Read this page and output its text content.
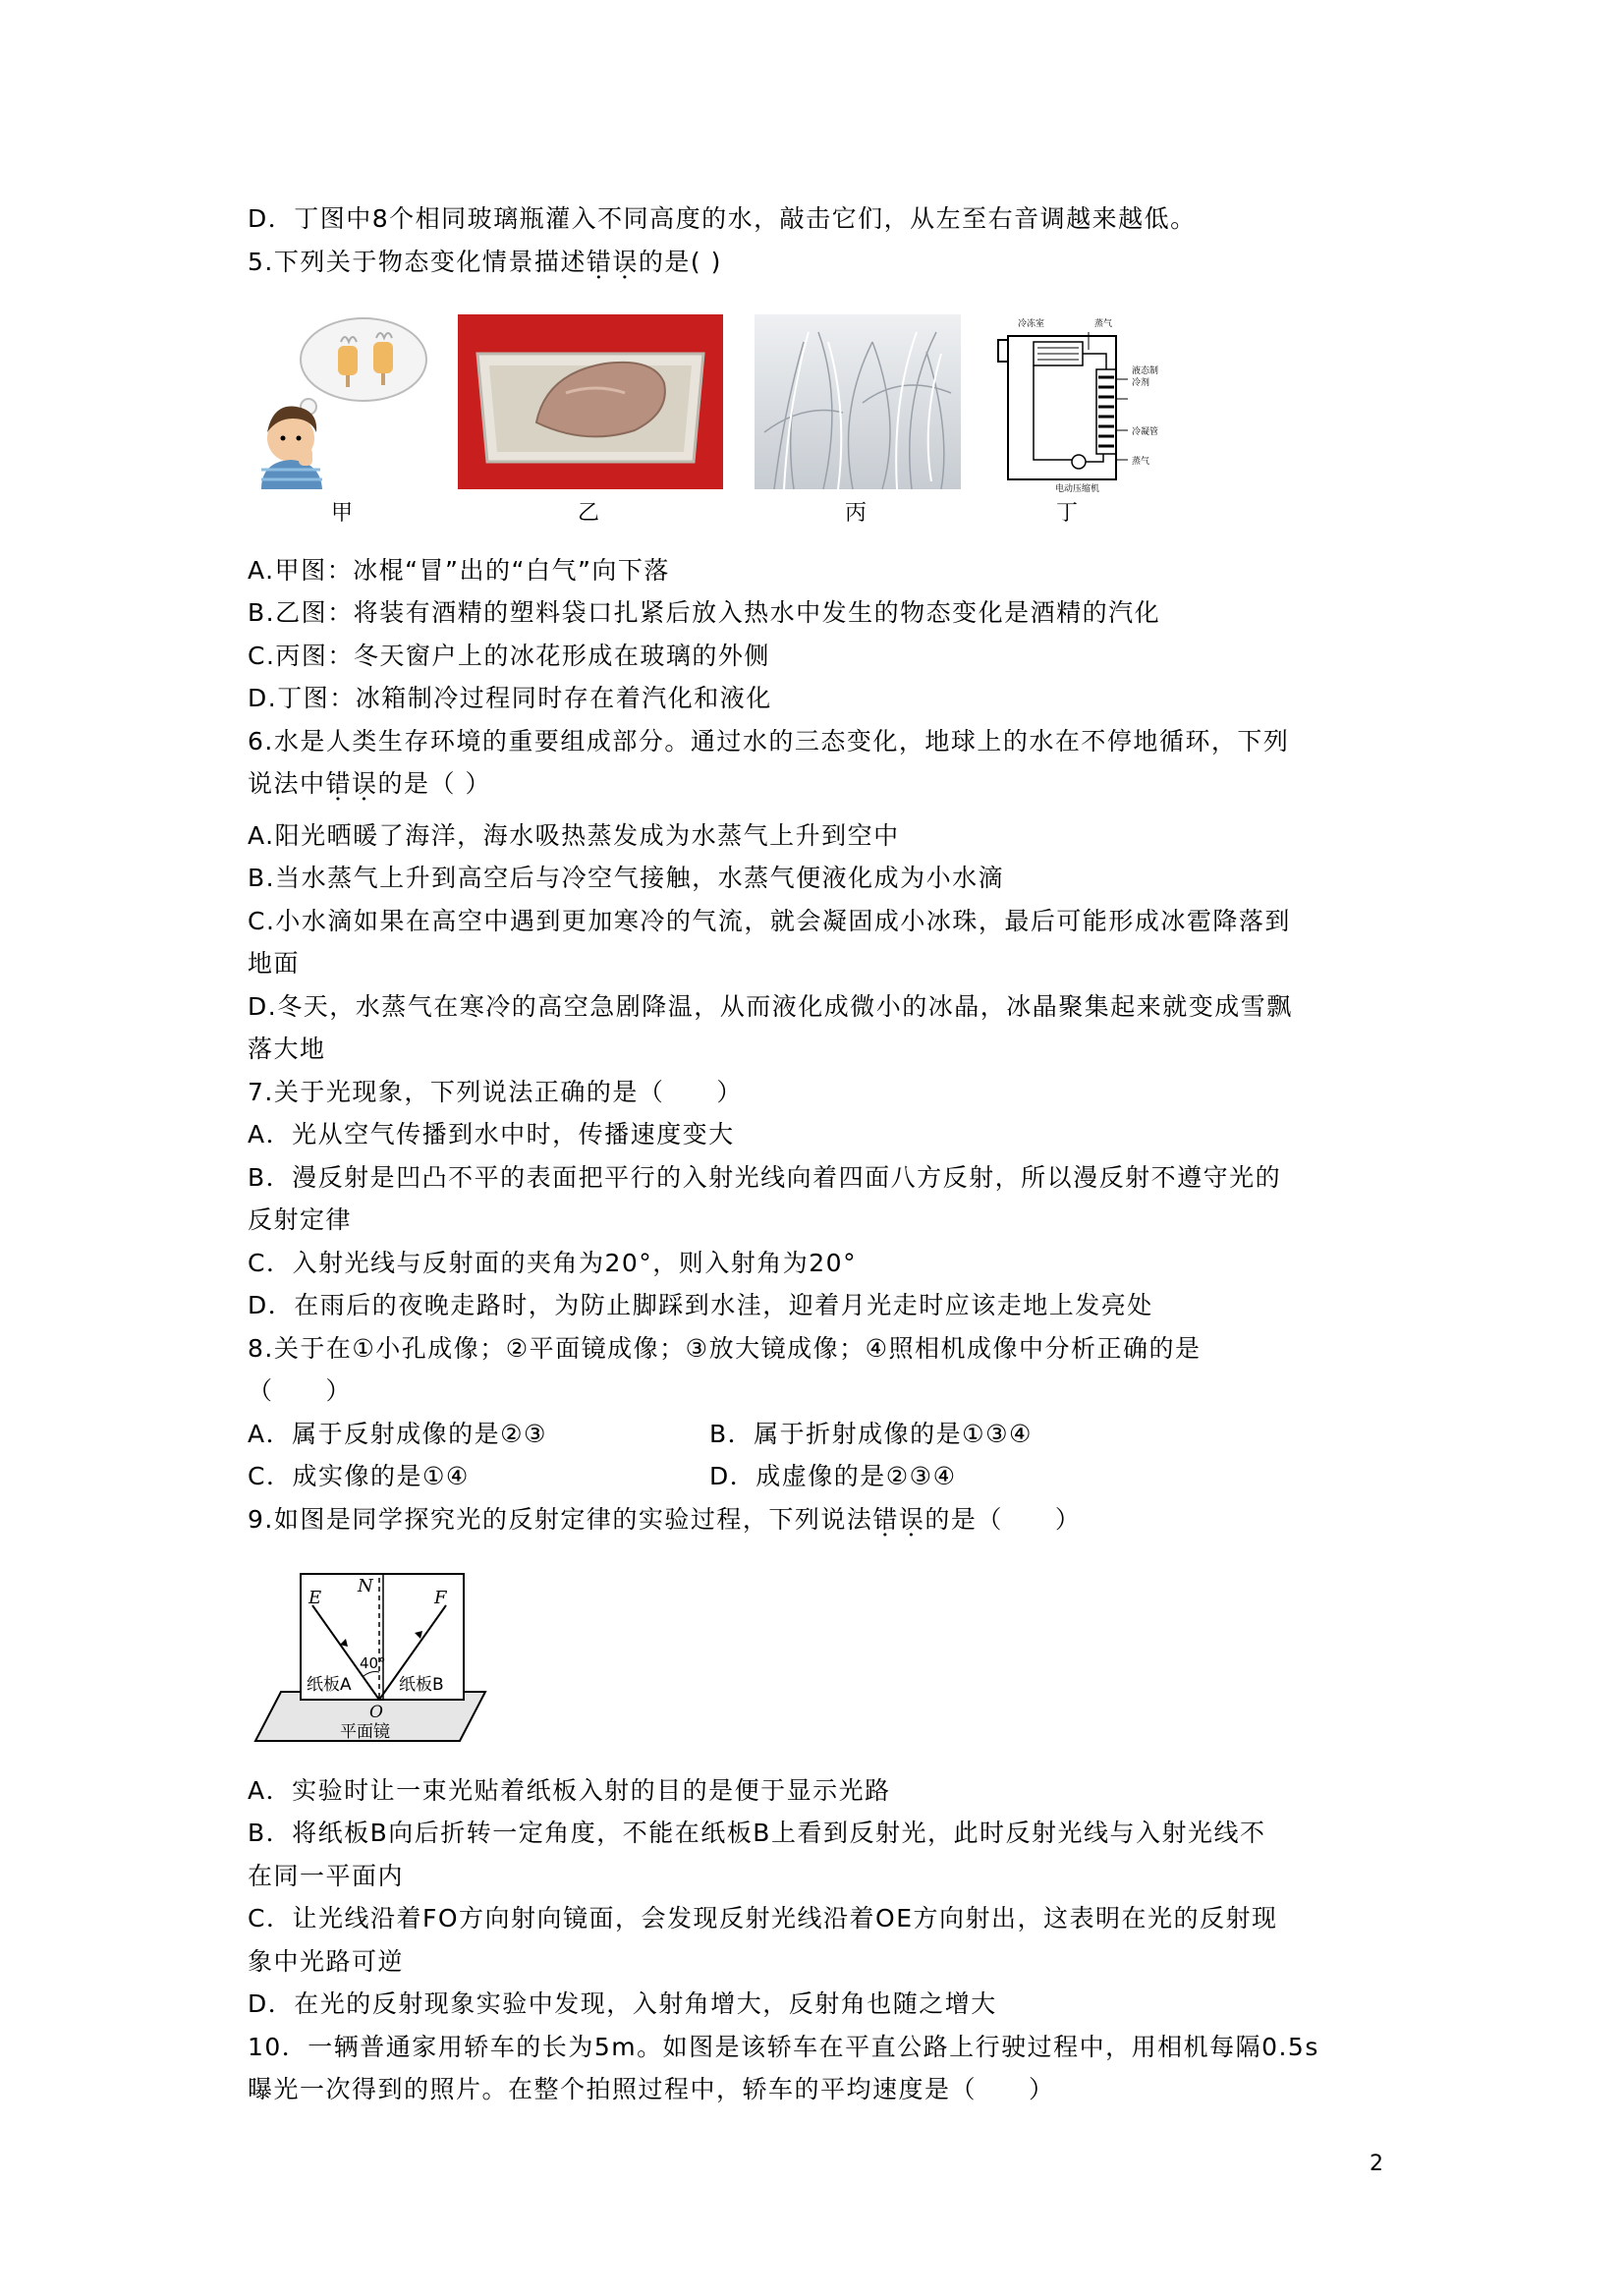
D．丁图中8个相同玻璃瓶灌入不同高度的水，敲击它们，从左至右音调越来越低。
5.下列关于物态变化情景描述错误的是( )
甲	乙	丙
冷冻室	蒸气
液态制
冷剂
冷凝管
蒸气
电动压缩机
丁
A.甲图：冰棍“冒”出的“白气”向下落
B.乙图：将装有酒精的塑料袋口扎紧后放入热水中发生的物态变化是酒精的汽化
C.丙图：冬天窗户上的冰花形成在玻璃的外侧
D.丁图：冰箱制冷过程同时存在着汽化和液化
6.水是人类生存环境的重要组成部分。通过水的三态变化，地球上的水在不停地循环，下列
说法中错误的是（ ）
A.阳光晒暖了海洋，海水吸热蒸发成为水蒸气上升到空中
B.当水蒸气上升到高空后与冷空气接触，水蒸气便液化成为小水滴
C.小水滴如果在高空中遇到更加寒冷的气流，就会凝固成小冰珠，最后可能形成冰雹降落到
地面
D.冬天，水蒸气在寒冷的高空急剧降温，从而液化成微小的冰晶，冰晶聚集起来就变成雪飘
落大地
7.关于光现象，下列说法正确的是（　　）
A．光从空气传播到水中时，传播速度变大
B．漫反射是凹凸不平的表面把平行的入射光线向着四面八方反射，所以漫反射不遵守光的
反射定律
C．入射光线与反射面的夹角为20°，则入射角为20°
D．在雨后的夜晚走路时，为防止脚踩到水洼，迎着月光走时应该走地上发亮处
8.关于在①小孔成像；②平面镜成像；③放大镜成像；④照相机成像中分析正确的是
（　　）
A．属于反射成像的是②③	B．属于折射成像的是①③④
C．成实像的是①④	D．成虚像的是②③④
9.如图是同学探究光的反射定律的实验过程，下列说法错误的是（　　）
N
E	F
40°
纸板A	纸板B
O
平面镜
A．实验时让一束光贴着纸板入射的目的是便于显示光路
B．将纸板B向后折转一定角度，不能在纸板B上看到反射光，此时反射光线与入射光线不
在同一平面内
C．让光线沿着FO方向射向镜面，会发现反射光线沿着OE方向射出，这表明在光的反射现
象中光路可逆
D．在光的反射现象实验中发现，入射角增大，反射角也随之增大
10．一辆普通家用轿车的长为5m。如图是该轿车在平直公路上行驶过程中，用相机每隔0.5s
曝光一次得到的照片。在整个拍照过程中，轿车的平均速度是（　　）
2
